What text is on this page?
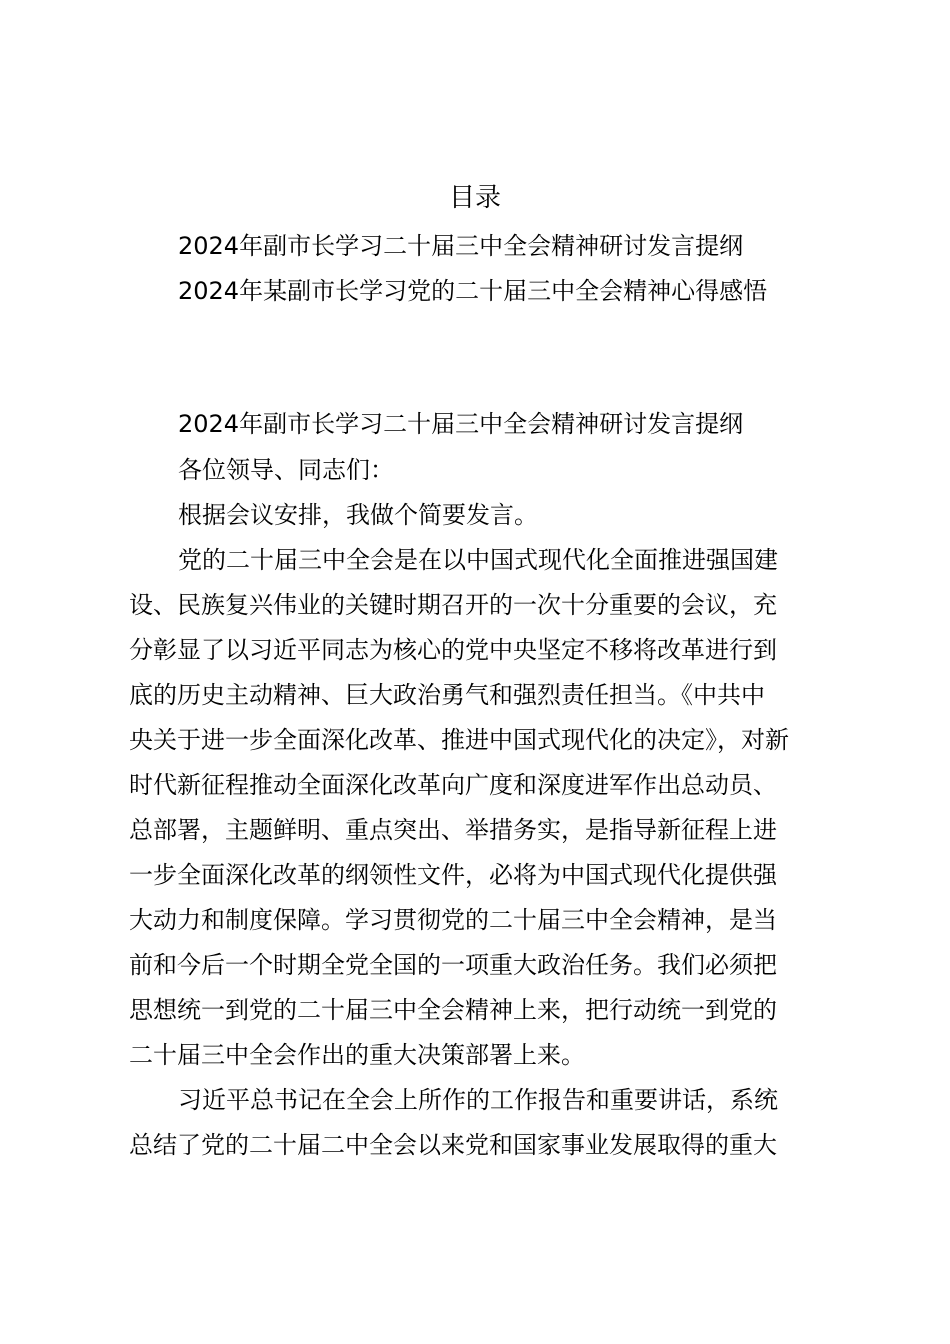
目录
2024年副市长学习二十届三中全会精神研讨发言提纲
2024年某副市长学习党的二十届三中全会精神心得感悟
2024年副市长学习二十届三中全会精神研讨发言提纲
各位领导、同志们：
根据会议安排，我做个简要发言。
党的二十届三中全会是在以中国式现代化全面推进强国建
设、民族复兴伟业的关键时期召开的一次十分重要的会议，充
分彰显了以习近平同志为核心的党中央坚定不移将改革进行到
底的历史主动精神、巨大政治勇气和强烈责任担当。《中共中
央关于进一步全面深化改革、推进中国式现代化的决定》，对新
时代新征程推动全面深化改革向广度和深度进军作出总动员、
总部署，主题鲜明、重点突出、举措务实，是指导新征程上进
一步全面深化改革的纲领性文件，必将为中国式现代化提供强
大动力和制度保障。学习贯彻党的二十届三中全会精神，是当
前和今后一个时期全党全国的一项重大政治任务。我们必须把
思想统一到党的二十届三中全会精神上来，把行动统一到党的
二十届三中全会作出的重大决策部署上来。
习近平总书记在全会上所作的工作报告和重要讲话，系统
总结了党的二十届二中全会以来党和国家事业发展取得的重大
